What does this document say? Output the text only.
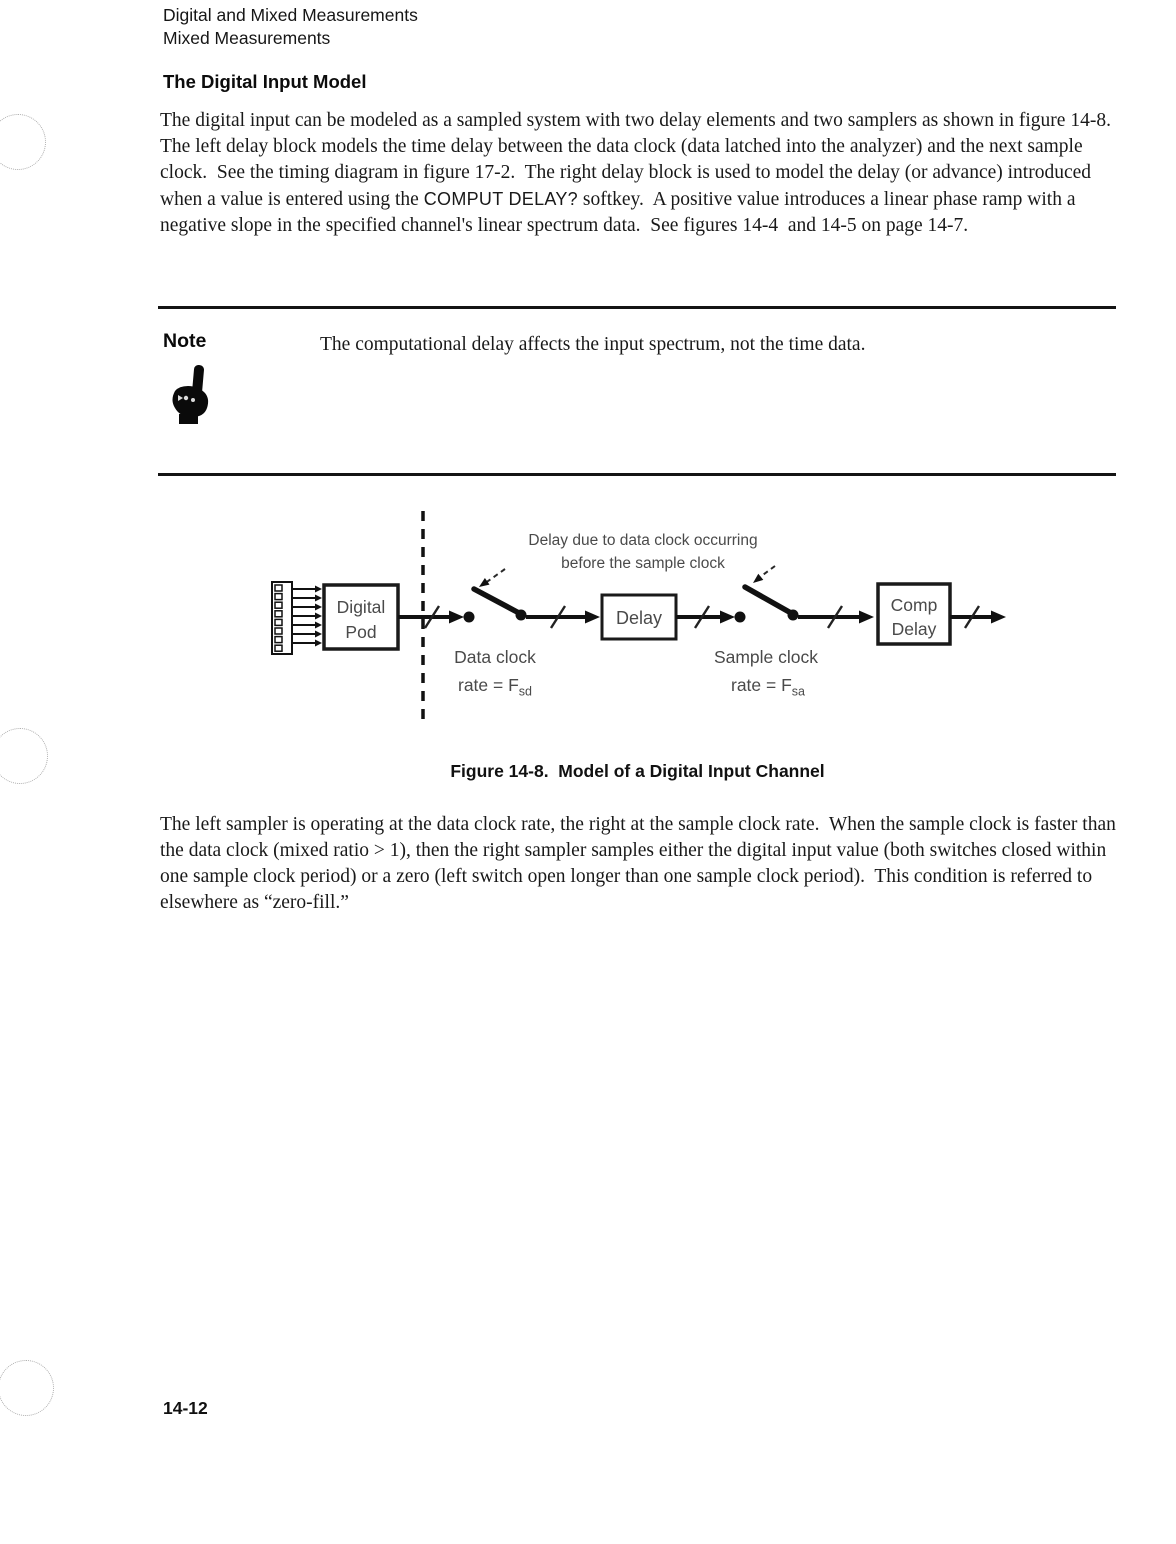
Digital and Mixed Measurements
Mixed Measurements
The Digital Input Model

The digital input can be modeled as a sampled system with two delay elements and two samplers as shown in figure 14-8.  The left delay block models the time delay between the data clock (data latched into the analyzer) and the next sample clock.  See the timing diagram in figure 17-2.  The right delay block is used to model the delay (or advance) introduced when a value is entered using the COMPUT DELAY? softkey.  A positive value introduces a linear phase ramp with a negative slope in the specified channel's linear spectrum data.  See figures 14-4  and 14-5 on page 14-7.

Note	The computational delay affects the input spectrum, not the time data.
Digital
Pod
Delay
Comp
Delay
Delay due to data clock occurring
before the sample clock
Data clock
rate = $F_{sd}$
Sample clock
rate = $F_{sa}$
Figure 14-8.  Model of a Digital Input Channel

The left sampler is operating at the data clock rate, the right at the sample clock rate.  When the sample clock is faster than the data clock (mixed ratio > 1), then the right sampler samples either the digital input value (both switches closed within one sample clock period) or a zero (left switch open longer than one sample clock period).  This condition is referred to elsewhere as “zero-fill.”

14-12
